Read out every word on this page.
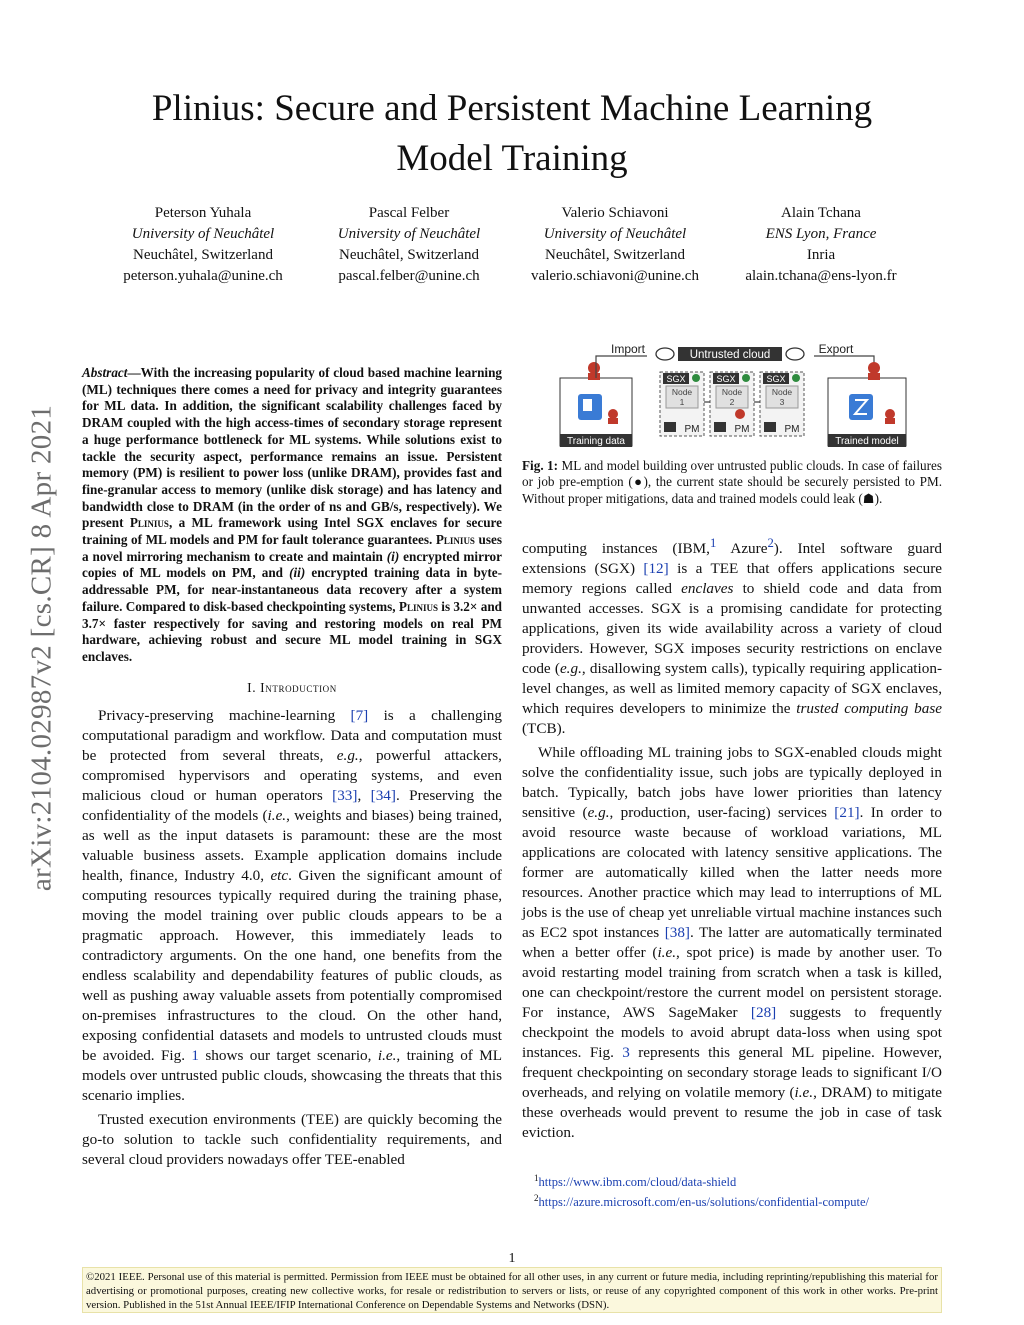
Plinius: Secure and Persistent Machine Learning
Model Training
Peterson Yuhala
University of Neuchâtel
Neuchâtel, Switzerland
peterson.yuhala@unine.ch
Pascal Felber
University of Neuchâtel
Neuchâtel, Switzerland
pascal.felber@unine.ch
Valerio Schiavoni
University of Neuchâtel
Neuchâtel, Switzerland
valerio.schiavoni@unine.ch
Alain Tchana
ENS Lyon, France
Inria
alain.tchana@ens-lyon.fr
arXiv:2104.02987v2 [cs.CR] 8 Apr 2021
Abstract—With the increasing popularity of cloud based machine learning (ML) techniques there comes a need for privacy and integrity guarantees for ML data. In addition, the significant scalability challenges faced by DRAM coupled with the high access-times of secondary storage represent a huge performance bottleneck for ML systems. While solutions exist to tackle the security aspect, performance remains an issue. Persistent memory (PM) is resilient to power loss (unlike DRAM), provides fast and fine-granular access to memory (unlike disk storage) and has latency and bandwidth close to DRAM (in the order of ns and GB/s, respectively). We present Plinius, a ML framework using Intel SGX enclaves for secure training of ML models and PM for fault tolerance guarantees. Plinius uses a novel mirroring mechanism to create and maintain (i) encrypted mirror copies of ML models on PM, and (ii) encrypted training data in byte-addressable PM, for near-instantaneous data recovery after a system failure. Compared to disk-based checkpointing systems, Plinius is 3.2× and 3.7× faster respectively for saving and restoring models on real PM hardware, achieving robust and secure ML model training in SGX enclaves.
I. Introduction

Privacy-preserving machine-learning [7] is a challenging computational paradigm and workflow. Data and computation must be protected from several threats, e.g., powerful attackers, compromised hypervisors and operating systems, and even malicious cloud or human operators [33], [34]. Preserving the confidentiality of the models (i.e., weights and biases) being trained, as well as the input datasets is paramount: these are the most valuable business assets. Example application domains include health, finance, Industry 4.0, etc. Given the significant amount of computing resources typically required during the training phase, moving the model training over public clouds appears to be a pragmatic approach. However, this immediately leads to contradictory arguments. On the one hand, one benefits from the endless scalability and dependability features of public clouds, as well as pushing away valuable assets from potentially compromised on-premises infrastructures to the cloud. On the other hand, exposing confidential datasets and models to untrusted clouds must be avoided. Fig. 1 shows our target scenario, i.e., training of ML models over untrusted public clouds, showcasing the threats that this scenario implies.

Trusted execution environments (TEE) are quickly becoming the go-to solution to tackle such confidentiality requirements, and several cloud providers nowadays offer TEE-enabled

Training data
Import	Untrusted cloud
SGX
Node
1
PM
SGX
Node
2
PM
SGX
Node
3
PM
Export
Trained model
Fig. 1: ML and model building over untrusted public clouds. In case of failures or job pre-emption (●), the current state should be securely persisted to PM. Without proper mitigations, data and trained models could leak (☗).

computing instances (IBM,$^1$ Azure$^2$). Intel software guard extensions (SGX) [12] is a TEE that offers applications secure memory regions called enclaves to shield code and data from unwanted accesses. SGX is a promising candidate for protecting applications, given its wide availability across a variety of cloud providers. However, SGX imposes security restrictions on enclave code (e.g., disallowing system calls), typically requiring application-level changes, as well as limited memory capacity of SGX enclaves, which requires developers to minimize the trusted computing base (TCB).

While offloading ML training jobs to SGX-enabled clouds might solve the confidentiality issue, such jobs are typically deployed in batch. Typically, batch jobs have lower priorities than latency sensitive (e.g., production, user-facing) services [21]. In order to avoid resource waste because of workload variations, ML applications are colocated with latency sensitive applications. The former are automatically killed when the latter needs more resources. Another practice which may lead to interruptions of ML jobs is the use of cheap yet unreliable virtual machine instances such as EC2 spot instances [38]. The latter are automatically terminated when a better offer (i.e., spot price) is made by another user. To avoid restarting model training from scratch when a task is killed, one can checkpoint/restore the current model on persistent storage. For instance, AWS SageMaker [28] suggests to frequently checkpoint the models to avoid abrupt data-loss when using spot instances. Fig. 3 represents this general ML pipeline. However, frequent checkpointing on secondary storage leads to significant I/O overheads, and relying on volatile memory (i.e., DRAM) to mitigate these overheads would prevent to resume the job in case of task eviction.

$^1$https://www.ibm.com/cloud/data-shield
$^2$https://azure.microsoft.com/en-us/solutions/confidential-compute/
1
©2021 IEEE. Personal use of this material is permitted. Permission from IEEE must be obtained for all other uses, in any current or future media, including reprinting/republishing this material for advertising or promotional purposes, creating new collective works, for resale or redistribution to servers or lists, or reuse of any copyrighted component of this work in other works. Pre-print version. Published in the 51st Annual IEEE/IFIP International Conference on Dependable Systems and Networks (DSN).
